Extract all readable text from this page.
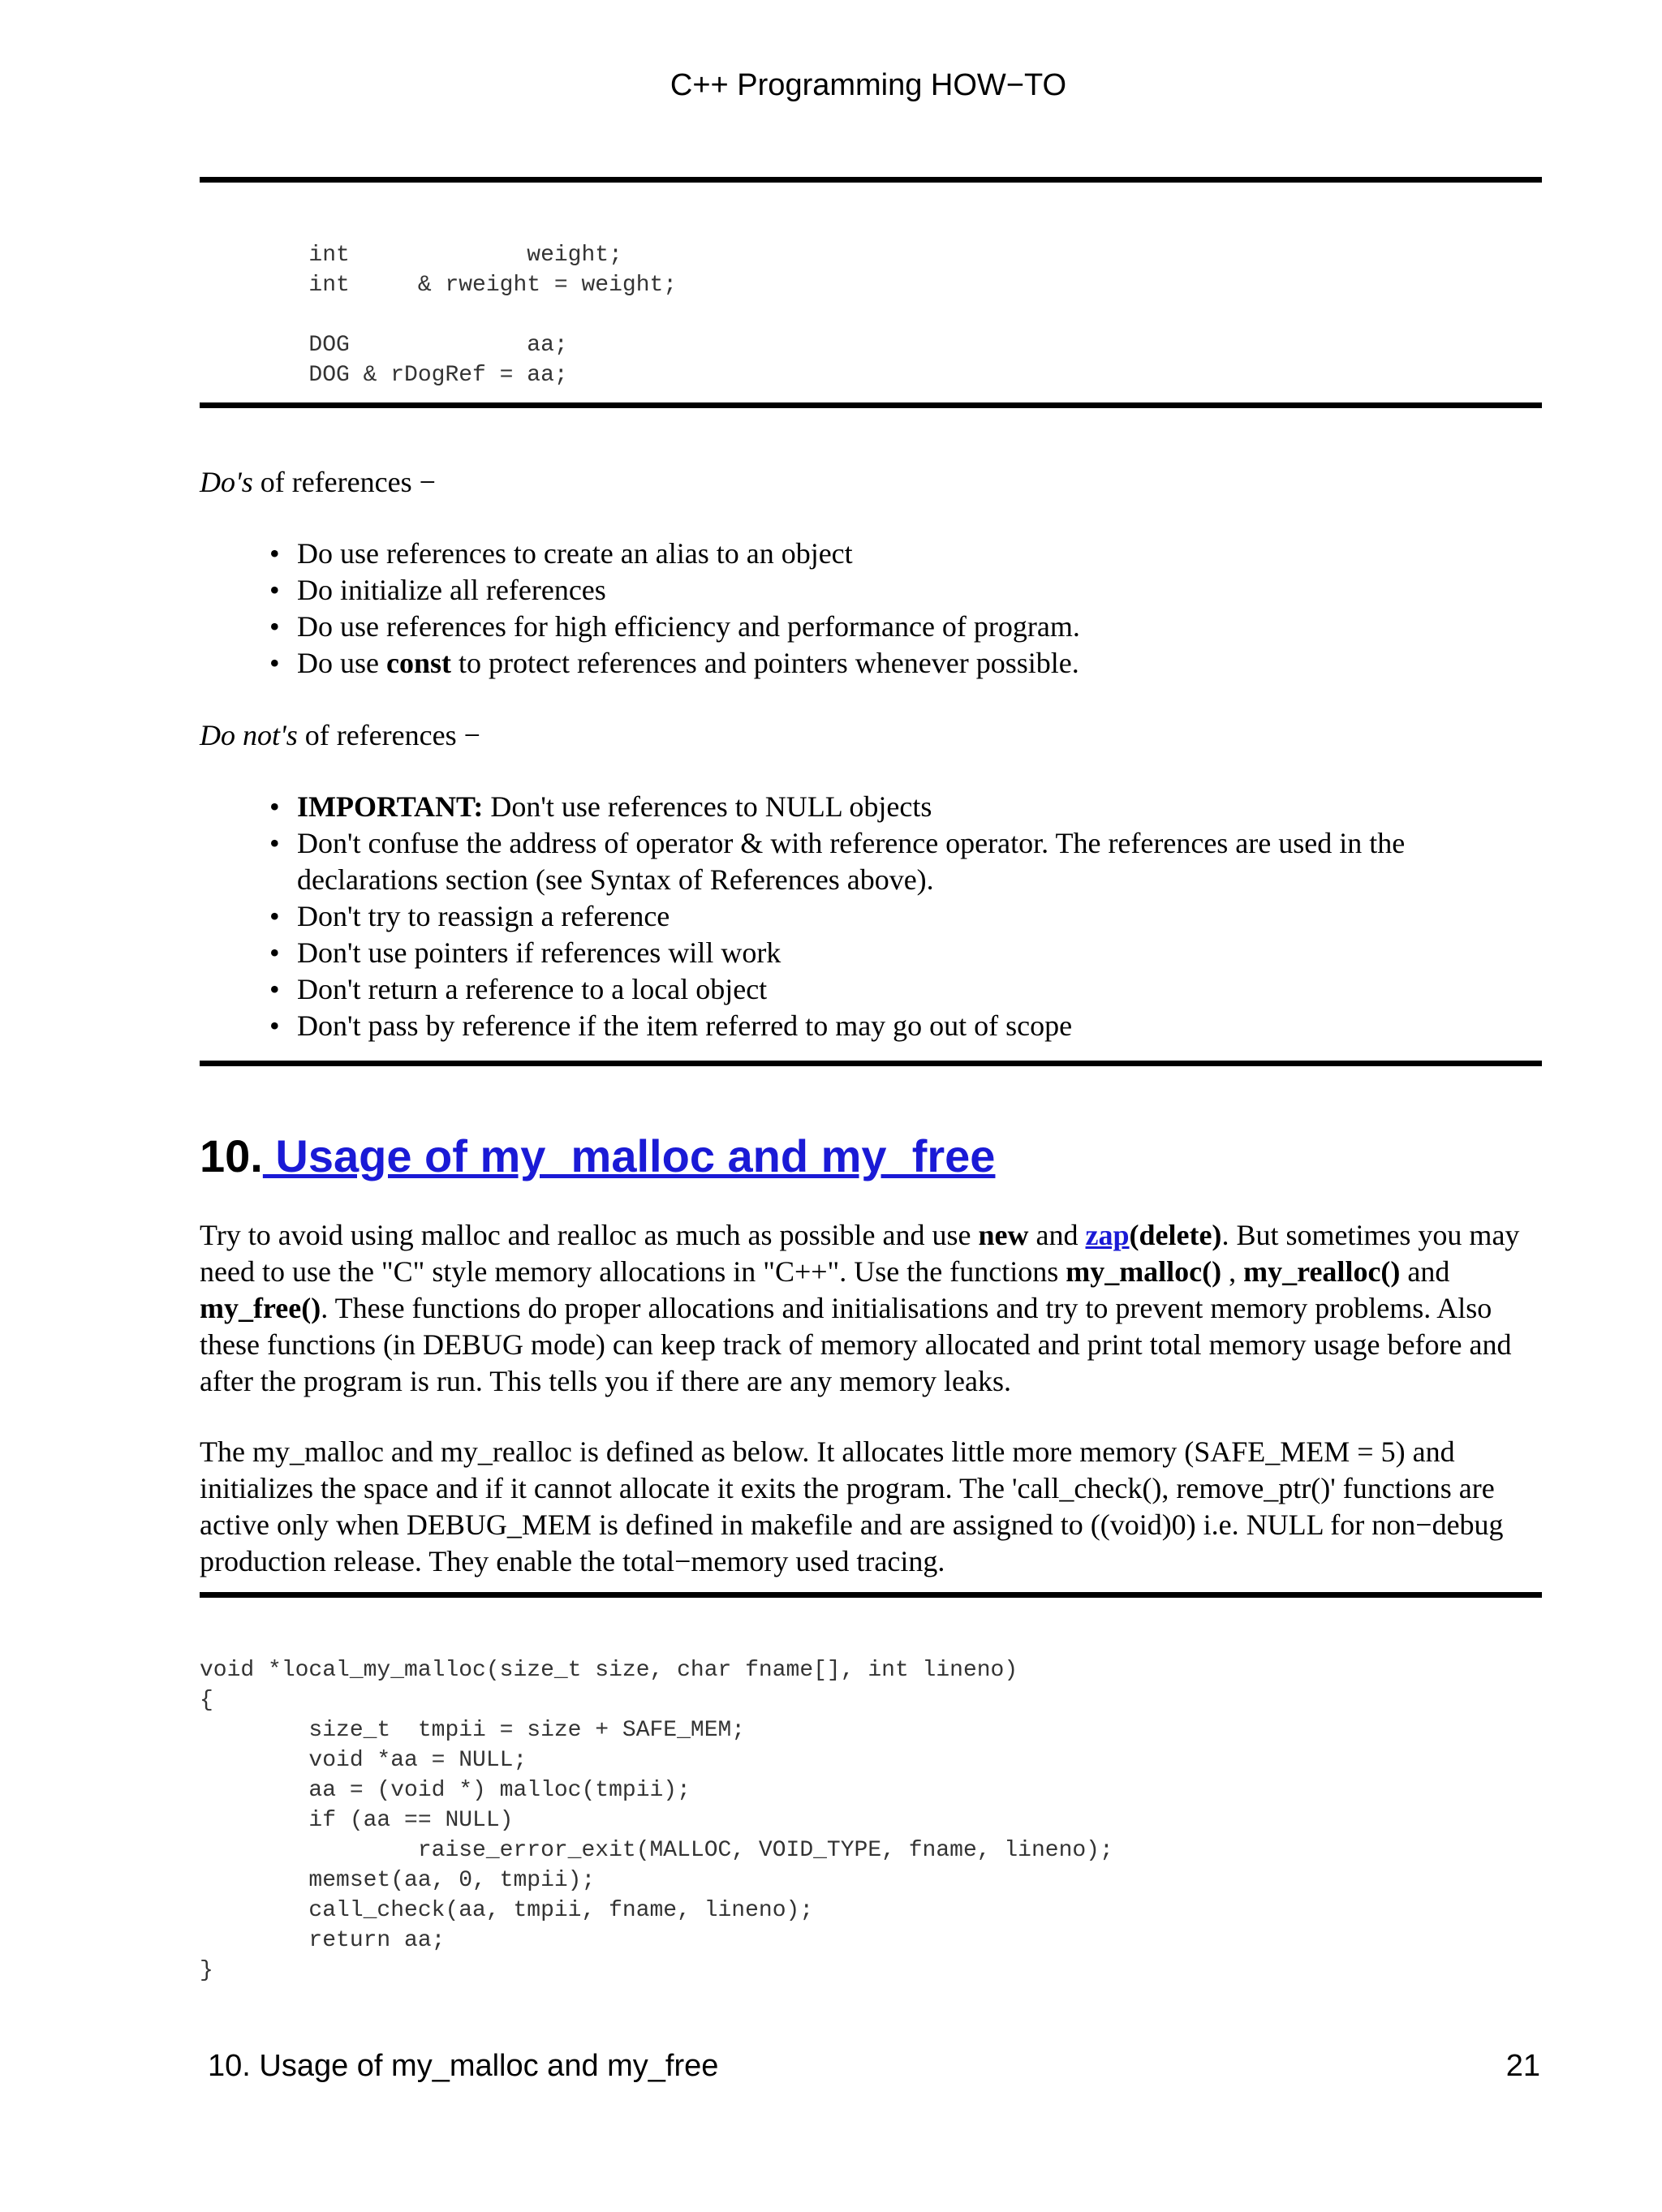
C++ Programming HOW−TO
int             weight;
int     & rweight = weight;

DOG             aa;
DOG & rDogRef = aa;
Do's of references −
• Do use references to create an alias to an object
• Do initialize all references
• Do use references for high efficiency and performance of program.
• Do use const to protect references and pointers whenever possible.
Do not's of references −
• IMPORTANT: Don't use references to NULL objects
• Don't confuse the address of operator & with reference operator. The references are used in the declarations section (see Syntax of References above).
• Don't try to reassign a reference
• Don't use pointers if references will work
• Don't return a reference to a local object
• Don't pass by reference if the item referred to may go out of scope
10. Usage of my_malloc and my_free

Try to avoid using malloc and realloc as much as possible and use new and zap(delete). But sometimes you may need to use the "C" style memory allocations in "C++". Use the functions my_malloc() , my_realloc() and my_free(). These functions do proper allocations and initialisations and try to prevent memory problems. Also these functions (in DEBUG mode) can keep track of memory allocated and print total memory usage before and after the program is run. This tells you if there are any memory leaks.

The my_malloc and my_realloc is defined as below. It allocates little more memory (SAFE_MEM = 5) and initializes the space and if it cannot allocate it exits the program. The 'call_check(), remove_ptr()' functions are active only when DEBUG_MEM is defined in makefile and are assigned to ((void)0) i.e. NULL for non−debug production release. They enable the total−memory used tracing.

void *local_my_malloc(size_t size, char fname[], int lineno)
{
size_t  tmpii = size + SAFE_MEM;
void *aa = NULL;
aa = (void *) malloc(tmpii);
if (aa == NULL)
raise_error_exit(MALLOC, VOID_TYPE, fname, lineno);
memset(aa, 0, tmpii);
call_check(aa, tmpii, fname, lineno);
return aa;
}
10. Usage of my_malloc and my_free	21
